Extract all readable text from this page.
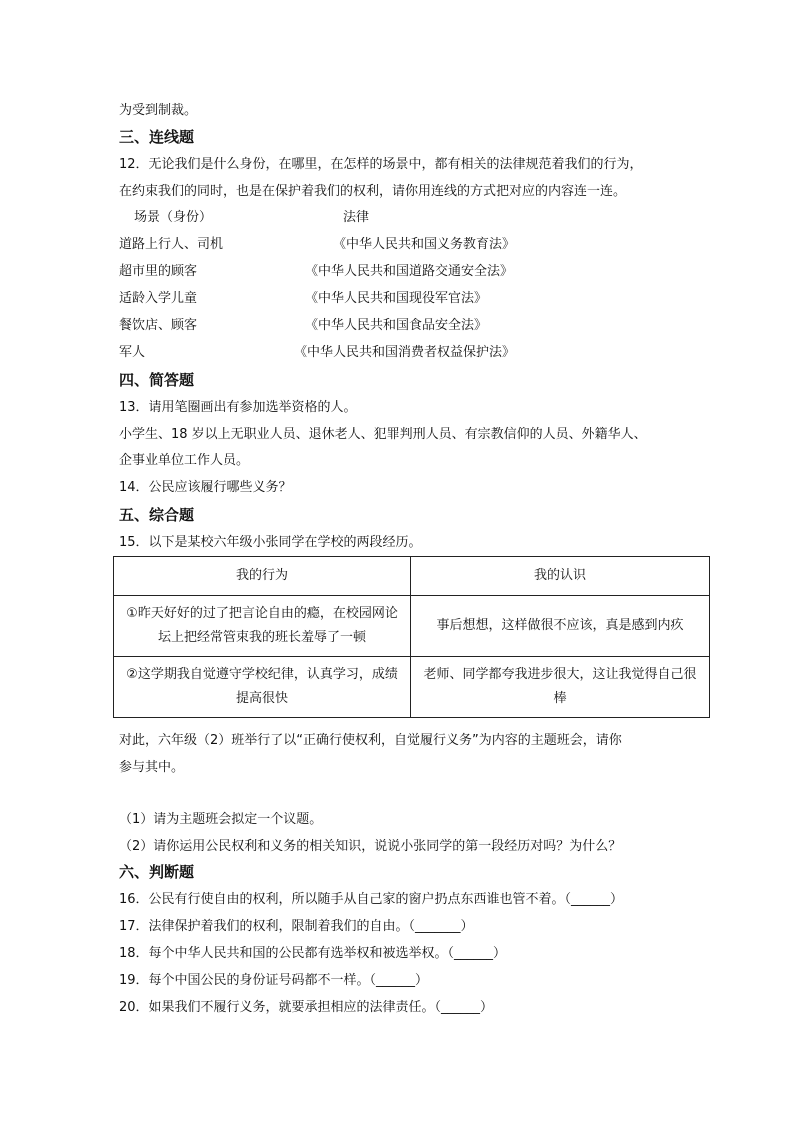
为受到制裁。
三、连线题
12．无论我们是什么身份，在哪里，在怎样的场景中，都有相关的法律规范着我们的行为，
在约束我们的同时，也是在保护着我们的权利，请你用连线的方式把对应的内容连一连。
场景（身份）	法律
道路上行人、司机	《中华人民共和国义务教育法》
超市里的顾客	《中华人民共和国道路交通安全法》
适龄入学儿童	《中华人民共和国现役军官法》
餐饮店、顾客	《中华人民共和国食品安全法》
军人	《中华人民共和国消费者权益保护法》
四、简答题
13．请用笔圈画出有参加选举资格的人。
小学生、18 岁以上无职业人员、退休老人、犯罪判刑人员、有宗教信仰的人员、外籍华人、
企事业单位工作人员。
14．公民应该履行哪些义务？
五、综合题
15．以下是某校六年级小张同学在学校的两段经历。
我的行为	我的认识
①昨天好好的过了把言论自由的瘾，在校园网论坛上把经常管束我的班长羞辱了一顿	事后想想，这样做很不应该，真是感到内疚
②这学期我自觉遵守学校纪律，认真学习，成绩提高很快	老师、同学都夸我进步很大，这让我觉得自己很棒
对此，六年级（2）班举行了以“正确行使权利，自觉履行义务”为内容的主题班会，请你
参与其中。
（1）请为主题班会拟定一个议题。
（2）请你运用公民权利和义务的相关知识，说说小张同学的第一段经历对吗？为什么？
六、判断题
16．公民有行使自由的权利，所以随手从自己家的窗户扔点东西谁也管不着。（______）
17．法律保护着我们的权利，限制着我们的自由。（_______）
18．每个中华人民共和国的公民都有选举权和被选举权。（______）
19．每个中国公民的身份证号码都不一样。（______）
20．如果我们不履行义务，就要承担相应的法律责任。（______）
